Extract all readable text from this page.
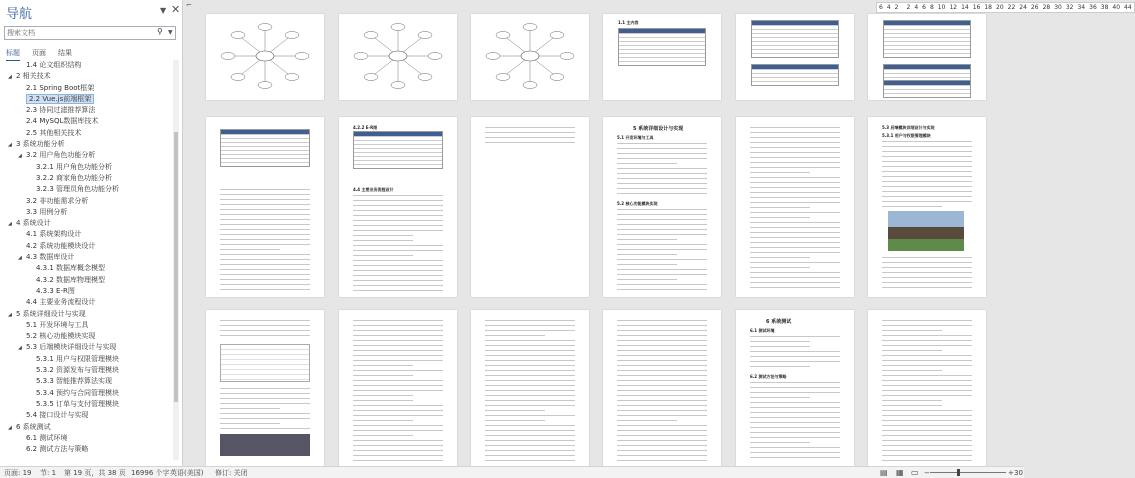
导航	▼ ✕
搜索文档	⚲ ▼
标题 页面 结果
1.4 论文组织结构
◢ 2 相关技术
2.1 Spring Boot框架
2.2 Vue.js前端框架
2.3 协同过滤推荐算法
2.4 MySQL数据库技术
2.5 其他相关技术
◢ 3 系统功能分析
◢ 3.2 用户角色功能分析
3.2.1 用户角色功能分析
3.2.2 商家角色功能分析
3.2.3 管理员角色功能分析
3.2 非功能需求分析
3.3 用例分析
◢ 4 系统设计
4.1 系统架构设计
4.2 系统功能模块设计
◢ 4.3 数据库设计
4.3.1 数据库概念模型
4.3.2 数据库物理模型
4.3.3 E-R图
4.4 主要业务流程设计
◢ 5 系统详细设计与实现
5.1 开发环境与工具
5.2 核心功能模块实现
◢ 5.3 后端模块详细设计与实现
5.3.1 用户与权限管理模块
5.3.2 资源发布与管理模块
5.3.3 智能推荐算法实现
5.3.4 预约与合同管理模块
5.3.5 订单与支付管理模块
5.4 接口设计与实现
◢ 6 系统测试
6.1 测试环境
6.2 测试方法与策略
⌐	6 4 2	2 4 6 8 10 12 14 16 18 20 22 24 26 28 30 32 34 36 38 40 44
1.1 主内容
4.2.2 E-R图
4.4 主要业务流程设计
5 系统详细设计与实现
5.1 开发环境与工具
5.2 核心功能模块实现
5.3 后端模块详细设计与实现
5.3.1 用户与权限管理模块
6 系统测试
6.1 测试环境
6.2 测试方法与策略
页面: 19 节: 1 第 19 页，共 38 页 16996 个字 英语(美国) 修订: 关闭	▤ ▦ ▭ −	+ 30
